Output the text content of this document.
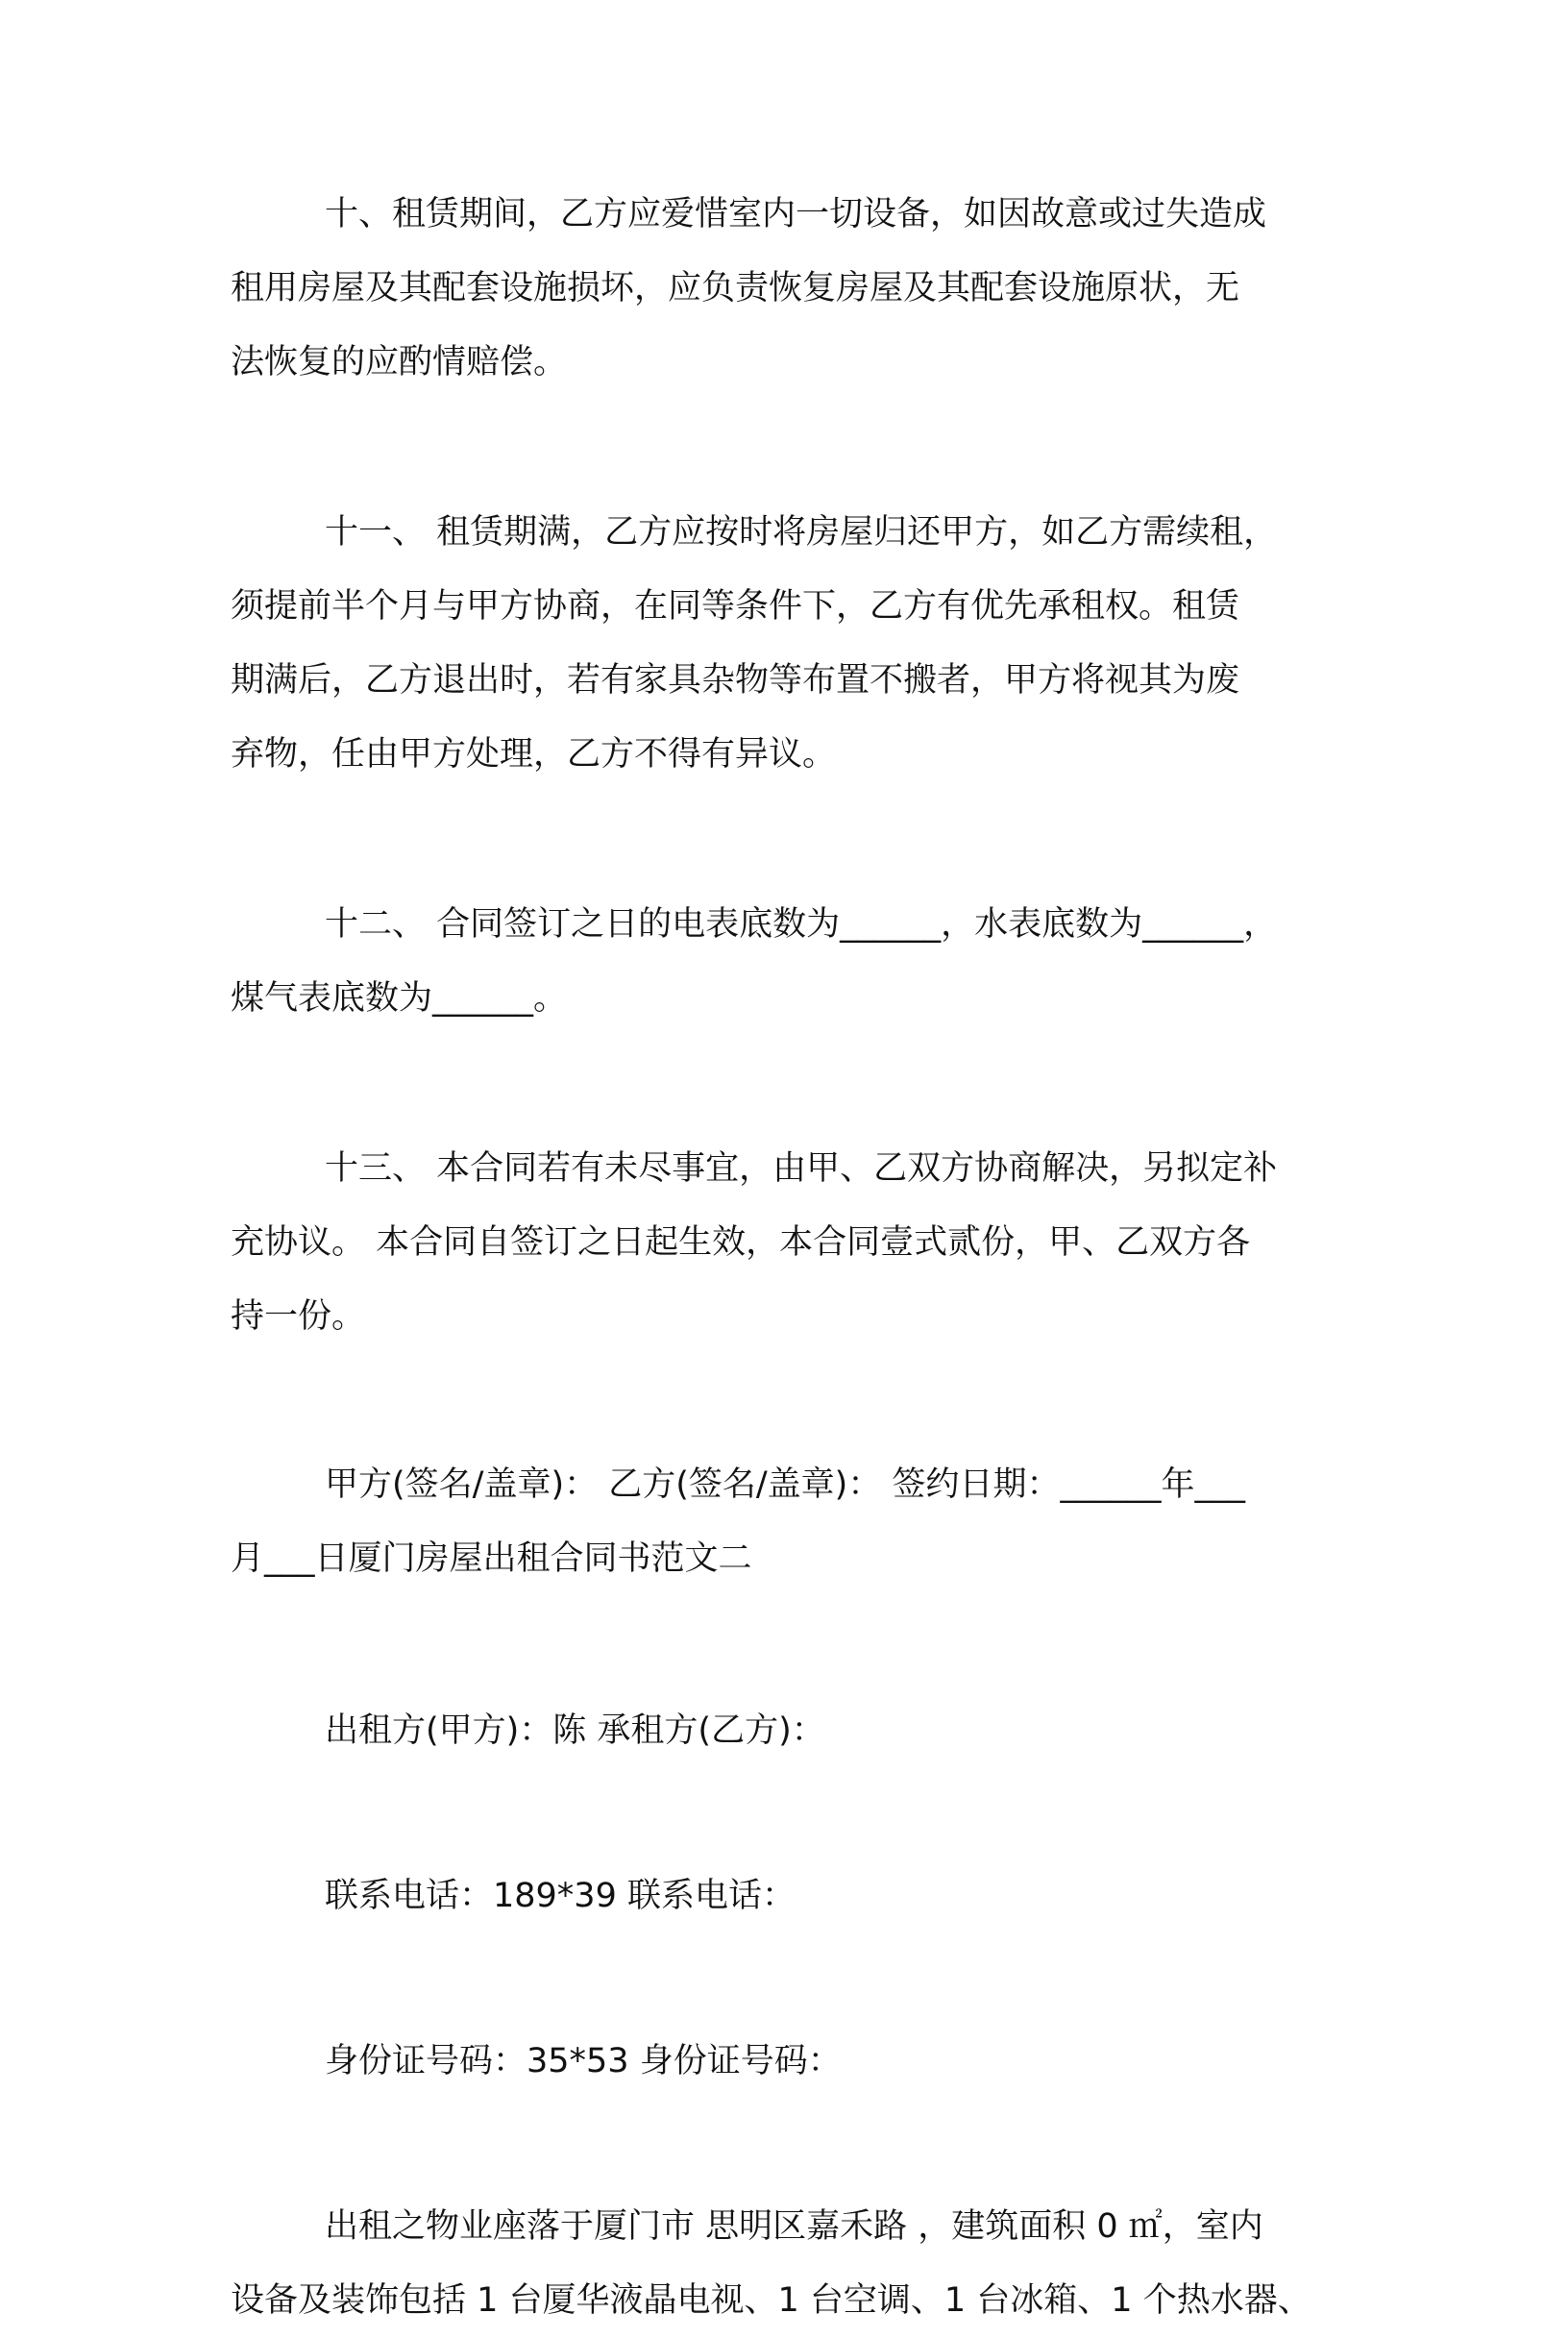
十、租赁期间，乙方应爱惜室内一切设备，如因故意或过失造成
租用房屋及其配套设施损坏，应负责恢复房屋及其配套设施原状，无
法恢复的应酌情赔偿。
十一、 租赁期满，乙方应按时将房屋归还甲方，如乙方需续租，
须提前半个月与甲方协商，在同等条件下，乙方有优先承租权。租赁
期满后，乙方退出时，若有家具杂物等布置不搬者，甲方将视其为废
弃物，任由甲方处理，乙方不得有异议。
十二、 合同签订之日的电表底数为______，水表底数为______，
煤气表底数为______。
十三、 本合同若有未尽事宜，由甲、乙双方协商解决，另拟定补
充协议。 本合同自签订之日起生效，本合同壹式贰份，甲、乙双方各
持一份。
甲方(签名/盖章)： 乙方(签名/盖章)： 签约日期：______年___
月___日厦门房屋出租合同书范文二
出租方(甲方)：陈 承租方(乙方)：
联系电话：189*39 联系电话：
身份证号码：35*53 身份证号码：
出租之物业座落于厦门市 思明区嘉禾路 ，建筑面积 0 ㎡，室内
设备及装饰包括 1 台厦华液晶电视、1 台空调、1 台冰箱、1 个热水器、
